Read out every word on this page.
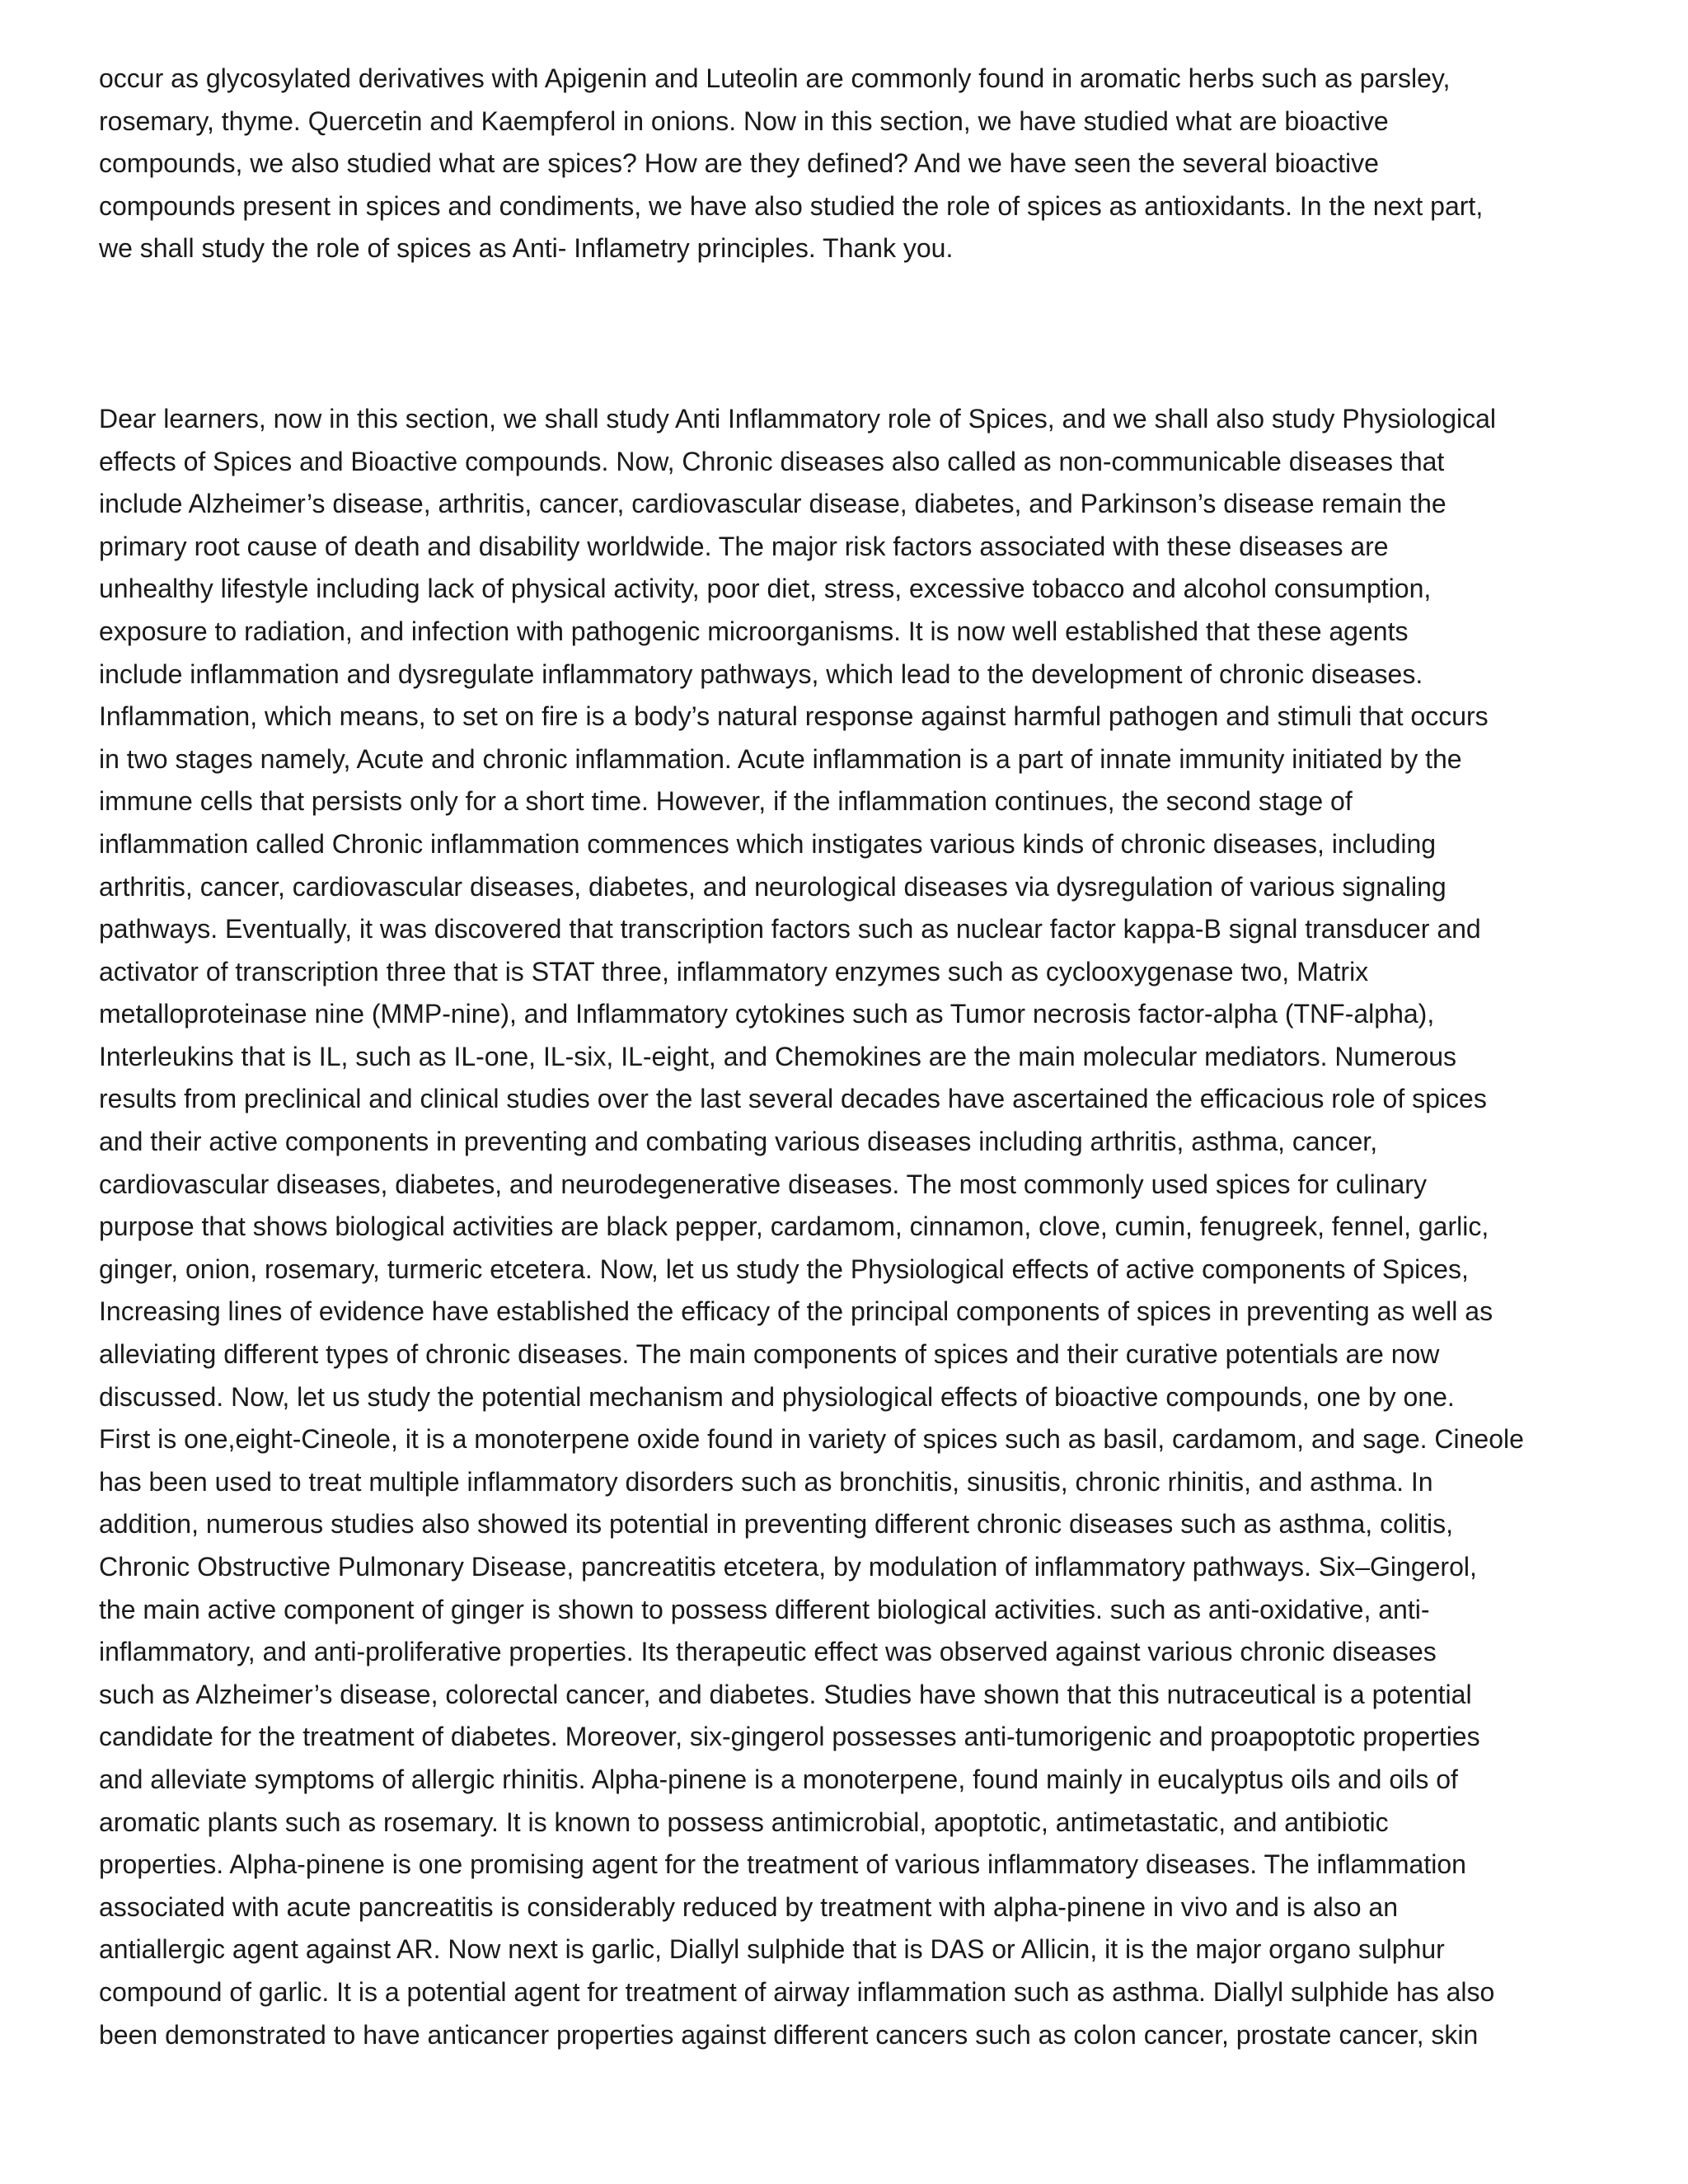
occur as glycosylated derivatives with Apigenin and Luteolin are commonly found in aromatic herbs such as parsley,
rosemary, thyme. Quercetin and Kaempferol in onions. Now in this section, we have studied what are bioactive
compounds, we also studied what are spices? How are they defined? And we have seen the several bioactive
compounds present in spices and condiments, we have also studied the role of spices as antioxidants. In the next part,
we shall study the role of spices as Anti- Inflametry principles. Thank you.
Dear learners, now in this section, we shall study Anti Inflammatory role of Spices, and we shall also study Physiological
effects of Spices and Bioactive compounds. Now, Chronic diseases also called as non-communicable diseases that
include Alzheimer’s disease, arthritis, cancer, cardiovascular disease, diabetes, and Parkinson’s disease remain the
primary root cause of death and disability worldwide. The major risk factors associated with these diseases are
unhealthy lifestyle including lack of physical activity, poor diet, stress, excessive tobacco and alcohol consumption,
exposure to radiation, and infection with pathogenic microorganisms. It is now well established that these agents
include inflammation and dysregulate inflammatory pathways, which lead to the development of chronic diseases.
Inflammation, which means, to set on fire is a body’s natural response against harmful pathogen and stimuli that occurs
in two stages namely, Acute and chronic inflammation. Acute inflammation is a part of innate immunity initiated by the
immune cells that persists only for a short time. However, if the inflammation continues, the second stage of
inflammation called Chronic inflammation commences which instigates various kinds of chronic diseases, including
arthritis, cancer, cardiovascular diseases, diabetes, and neurological diseases via dysregulation of various signaling
pathways. Eventually, it was discovered that transcription factors such as nuclear factor kappa-B signal transducer and
activator of transcription three that is STAT three, inflammatory enzymes such as cyclooxygenase two, Matrix
metalloproteinase nine (MMP-nine), and Inflammatory cytokines such as Tumor necrosis factor-alpha (TNF-alpha),
Interleukins that is IL, such as IL-one, IL-six, IL-eight, and Chemokines are the main molecular mediators. Numerous
results from preclinical and clinical studies over the last several decades have ascertained the efficacious role of spices
and their active components in preventing and combating various diseases including arthritis, asthma, cancer,
cardiovascular diseases, diabetes, and neurodegenerative diseases. The most commonly used spices for culinary
purpose that shows biological activities are black pepper, cardamom, cinnamon, clove, cumin, fenugreek, fennel, garlic,
ginger, onion, rosemary, turmeric etcetera. Now, let us study the Physiological effects of active components of Spices,
Increasing lines of evidence have established the efficacy of the principal components of spices in preventing as well as
alleviating different types of chronic diseases. The main components of spices and their curative potentials are now
discussed. Now, let us study the potential mechanism and physiological effects of bioactive compounds, one by one.
First is one,eight-Cineole, it is a monoterpene oxide found in variety of spices such as basil, cardamom, and sage. Cineole
has been used to treat multiple inflammatory disorders such as bronchitis, sinusitis, chronic rhinitis, and asthma. In
addition, numerous studies also showed its potential in preventing different chronic diseases such as asthma, colitis,
Chronic Obstructive Pulmonary Disease, pancreatitis etcetera, by modulation of inflammatory pathways. Six–Gingerol,
the main active component of ginger is shown to possess different biological activities. such as anti-oxidative, anti-
inflammatory, and anti-proliferative properties. Its therapeutic effect was observed against various chronic diseases
such as Alzheimer’s disease, colorectal cancer, and diabetes. Studies have shown that this nutraceutical is a potential
candidate for the treatment of diabetes. Moreover, six-gingerol possesses anti-tumorigenic and proapoptotic properties
and alleviate symptoms of allergic rhinitis. Alpha-pinene is a monoterpene, found mainly in eucalyptus oils and oils of
aromatic plants such as rosemary. It is known to possess antimicrobial, apoptotic, antimetastatic, and antibiotic
properties. Alpha-pinene is one promising agent for the treatment of various inflammatory diseases. The inflammation
associated with acute pancreatitis is considerably reduced by treatment with alpha-pinene in vivo and is also an
antiallergic agent against AR. Now next is garlic, Diallyl sulphide that is DAS or Allicin, it is the major organo sulphur
compound of garlic. It is a potential agent for treatment of airway inflammation such as asthma. Diallyl sulphide has also
been demonstrated to have anticancer properties against different cancers such as colon cancer, prostate cancer, skin
